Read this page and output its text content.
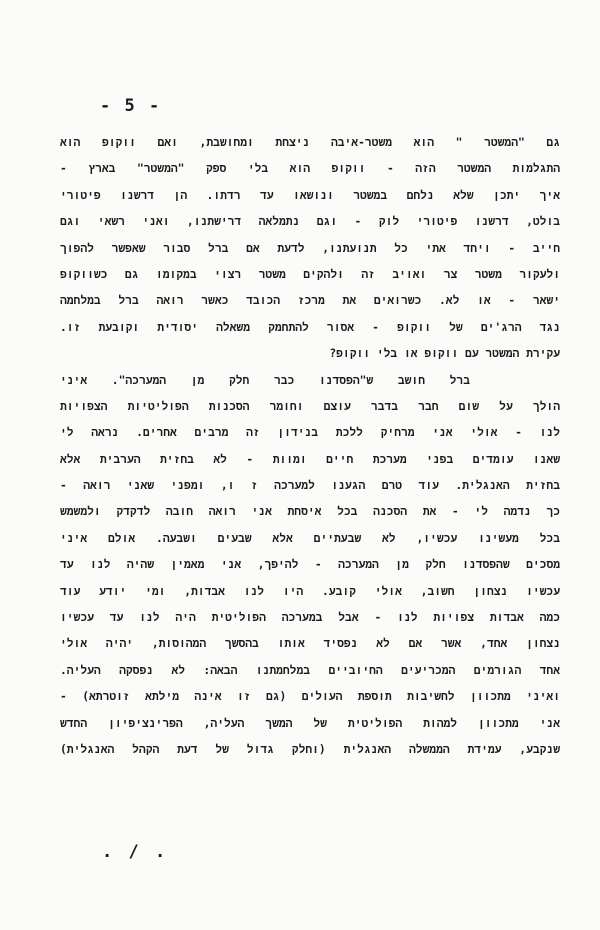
- 5 -
גם "המשטר " הוא משטר-איבה ניצחת ומחושבת, ואם ווקופ הוא
התגלמות המשטר הזה - ווקופ הוא בלי ספק "המשטר" בארץ -
איך יתכן שלא נלחם במשטר ונושאו עד רדתו. הן דרשנו פיטורי
בולט, דרשנו פיטורי לוק - וגם נתמלאה דרישתנו, ואני רשאי וגם
חייב - ויחד אתי כל תנועתנו, לדעת אם ברל סבור שאפשר להפוך
ולעקור משטר צר ואויב זה ולהקים משטר רצוי במקומו גם כשווקופ
ישאר - או לא. כשרואים את מרכז הכובד כאשר רואה ברל במלחמה
נגד הרג'ים של ווקופ - אסור להתחמק משאלה יסודית וקובעת זו.
עקירת המשטר עם ווקופ או בלי ווקופ?
ברל חושב ש"הפסדנו כבר חלק מן המערכה". איני
הולך על שום חבר בדבר עוצם וחומר הסכנות הפוליטיות הצפויות
לנו - אולי אני מרחיק ללכת בנידון זה מרבים אחרים. נראה לי
שאנו עומדים בפני מערכת חיים ומוות - לא בחזית הערבית אלא
בחזית האנגלית. עוד טרם הגענו למערכה ז ו, ומפני שאני רואה -
כך נדמה לי - את הסכנה בכל איסחת אני רואה חובה לדקדק ולמשמש
בכל מעשינו עכשיו, לא שבעתיים אלא שבעים ושבעה. אולם איני
מסכים שהפסדנו חלק מן המערכה - להיפך, אני מאמין שהיה לנו עד
עכשיו נצחון חשוב, אולי קובע. היו לנו אבדות, ומי יודע עוד
כמה אבדות צפויות לנו - אבל במערכה הפוליטית היה לנו עד עכשיו
נצחון אחד, אשר אם לא נפסיד אותו בהסשך המהוסות, יהיה אולי
אחד הגורמים המכריעים החיוביים במלחמתנו הבאה: לא נפסקה העליה.
ואיני מתכוון לחשיבות תוספת העולים (גם זו אינה מילתא זוטרתא) -
אני מתכוון למהות הפוליטית של המשך העליה, הפרינציפיון החדש
שנקבע, עמידת הממשלה האנגלית (וחלק גדול של דעת הקהל האנגלית)
. / .
